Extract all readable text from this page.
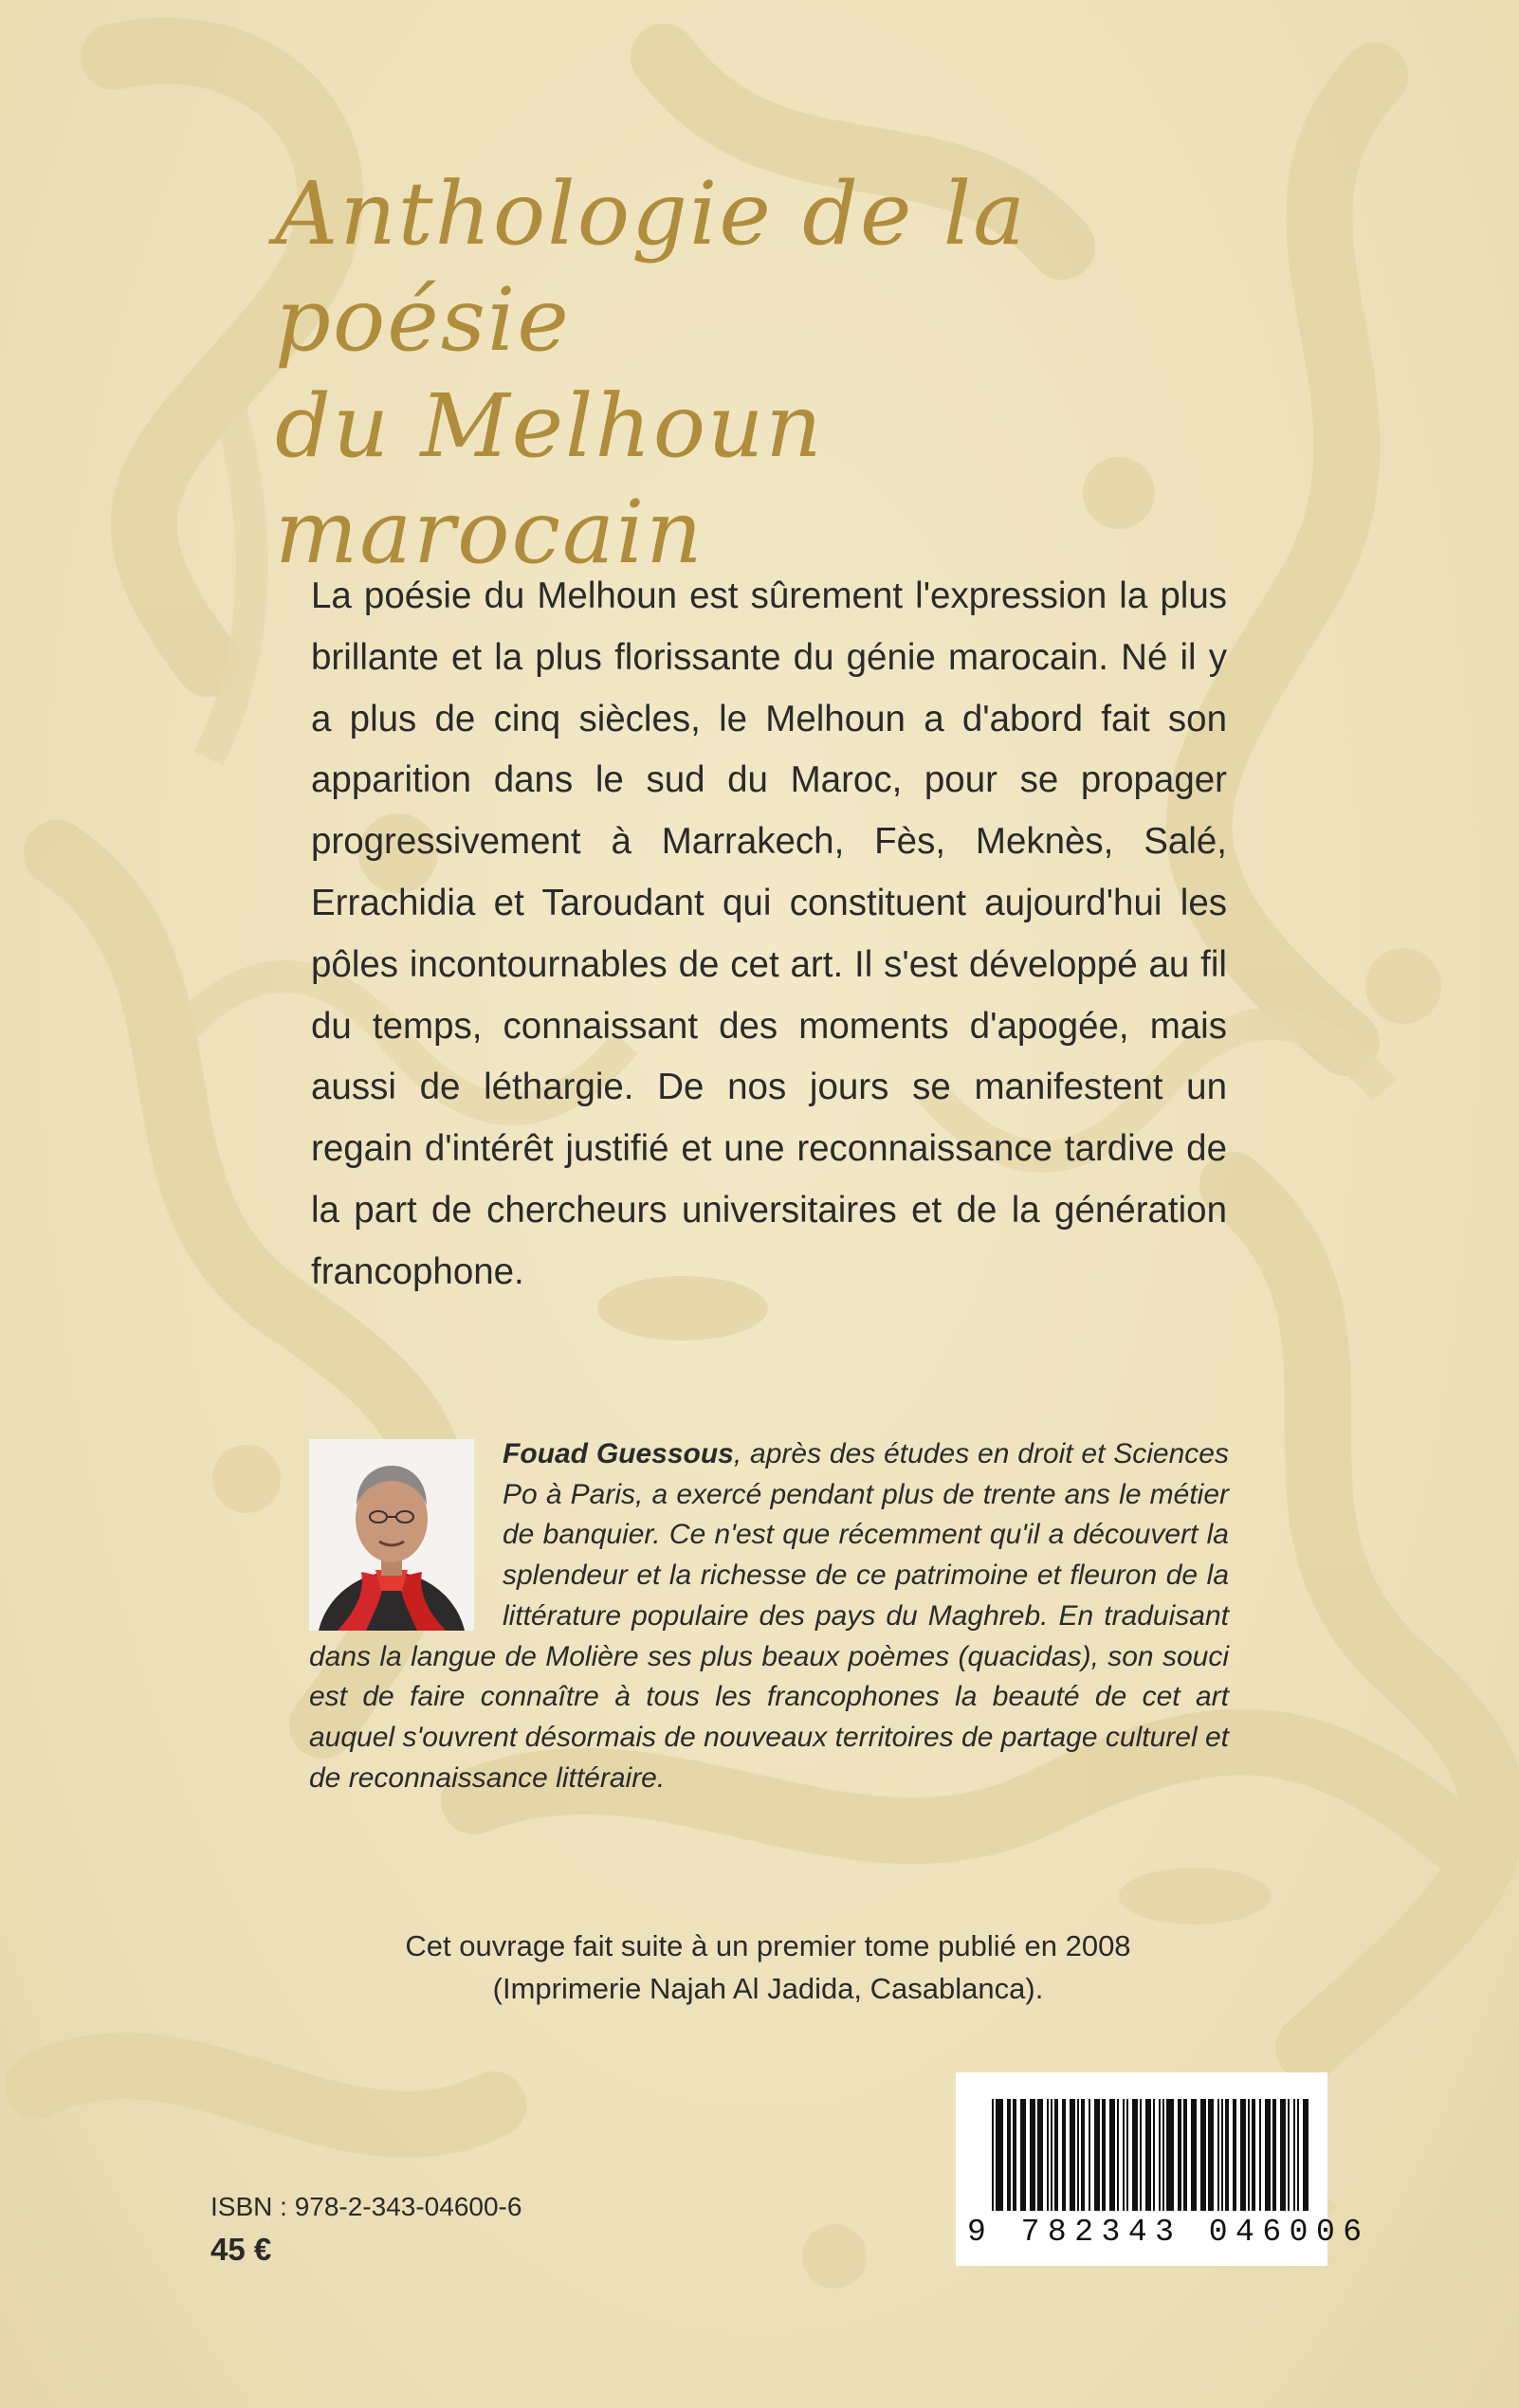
Anthologie de la poésie
du Melhoun marocain

La poésie du Melhoun est sûrement l'expression la plus brillante et la plus florissante du génie marocain. Né il y a plus de cinq siècles, le Melhoun a d'abord fait son apparition dans le sud du Maroc, pour se propager progressivement à Marrakech, Fès, Meknès, Salé, Errachidia et Taroudant qui constituent aujourd'hui les pôles incontournables de cet art. Il s'est développé au fil du temps, connaissant des moments d'apogée, mais aussi de léthargie. De nos jours se manifestent un regain d'intérêt justifié et une reconnaissance tardive de la part de chercheurs universitaires et de la génération francophone.

Fouad Guessous, après des études en droit et Sciences Po à Paris, a exercé pendant plus de trente ans le métier de banquier. Ce n'est que récemment qu'il a découvert la splendeur et la richesse de ce patrimoine et fleuron de la littérature populaire des pays du Maghreb. En traduisant dans la langue de Molière ses plus beaux poèmes (quacidas), son souci est de faire connaître à tous les francophones la beauté de cet art auquel s'ouvrent désormais de nouveaux territoires de partage culturel et de reconnaissance littéraire.
Cet ouvrage fait suite à un premier tome publié en 2008
(Imprimerie Najah Al Jadida, Casablanca).

ISBN : 978-2-343-04600-6

45 €	9 782343 046006
